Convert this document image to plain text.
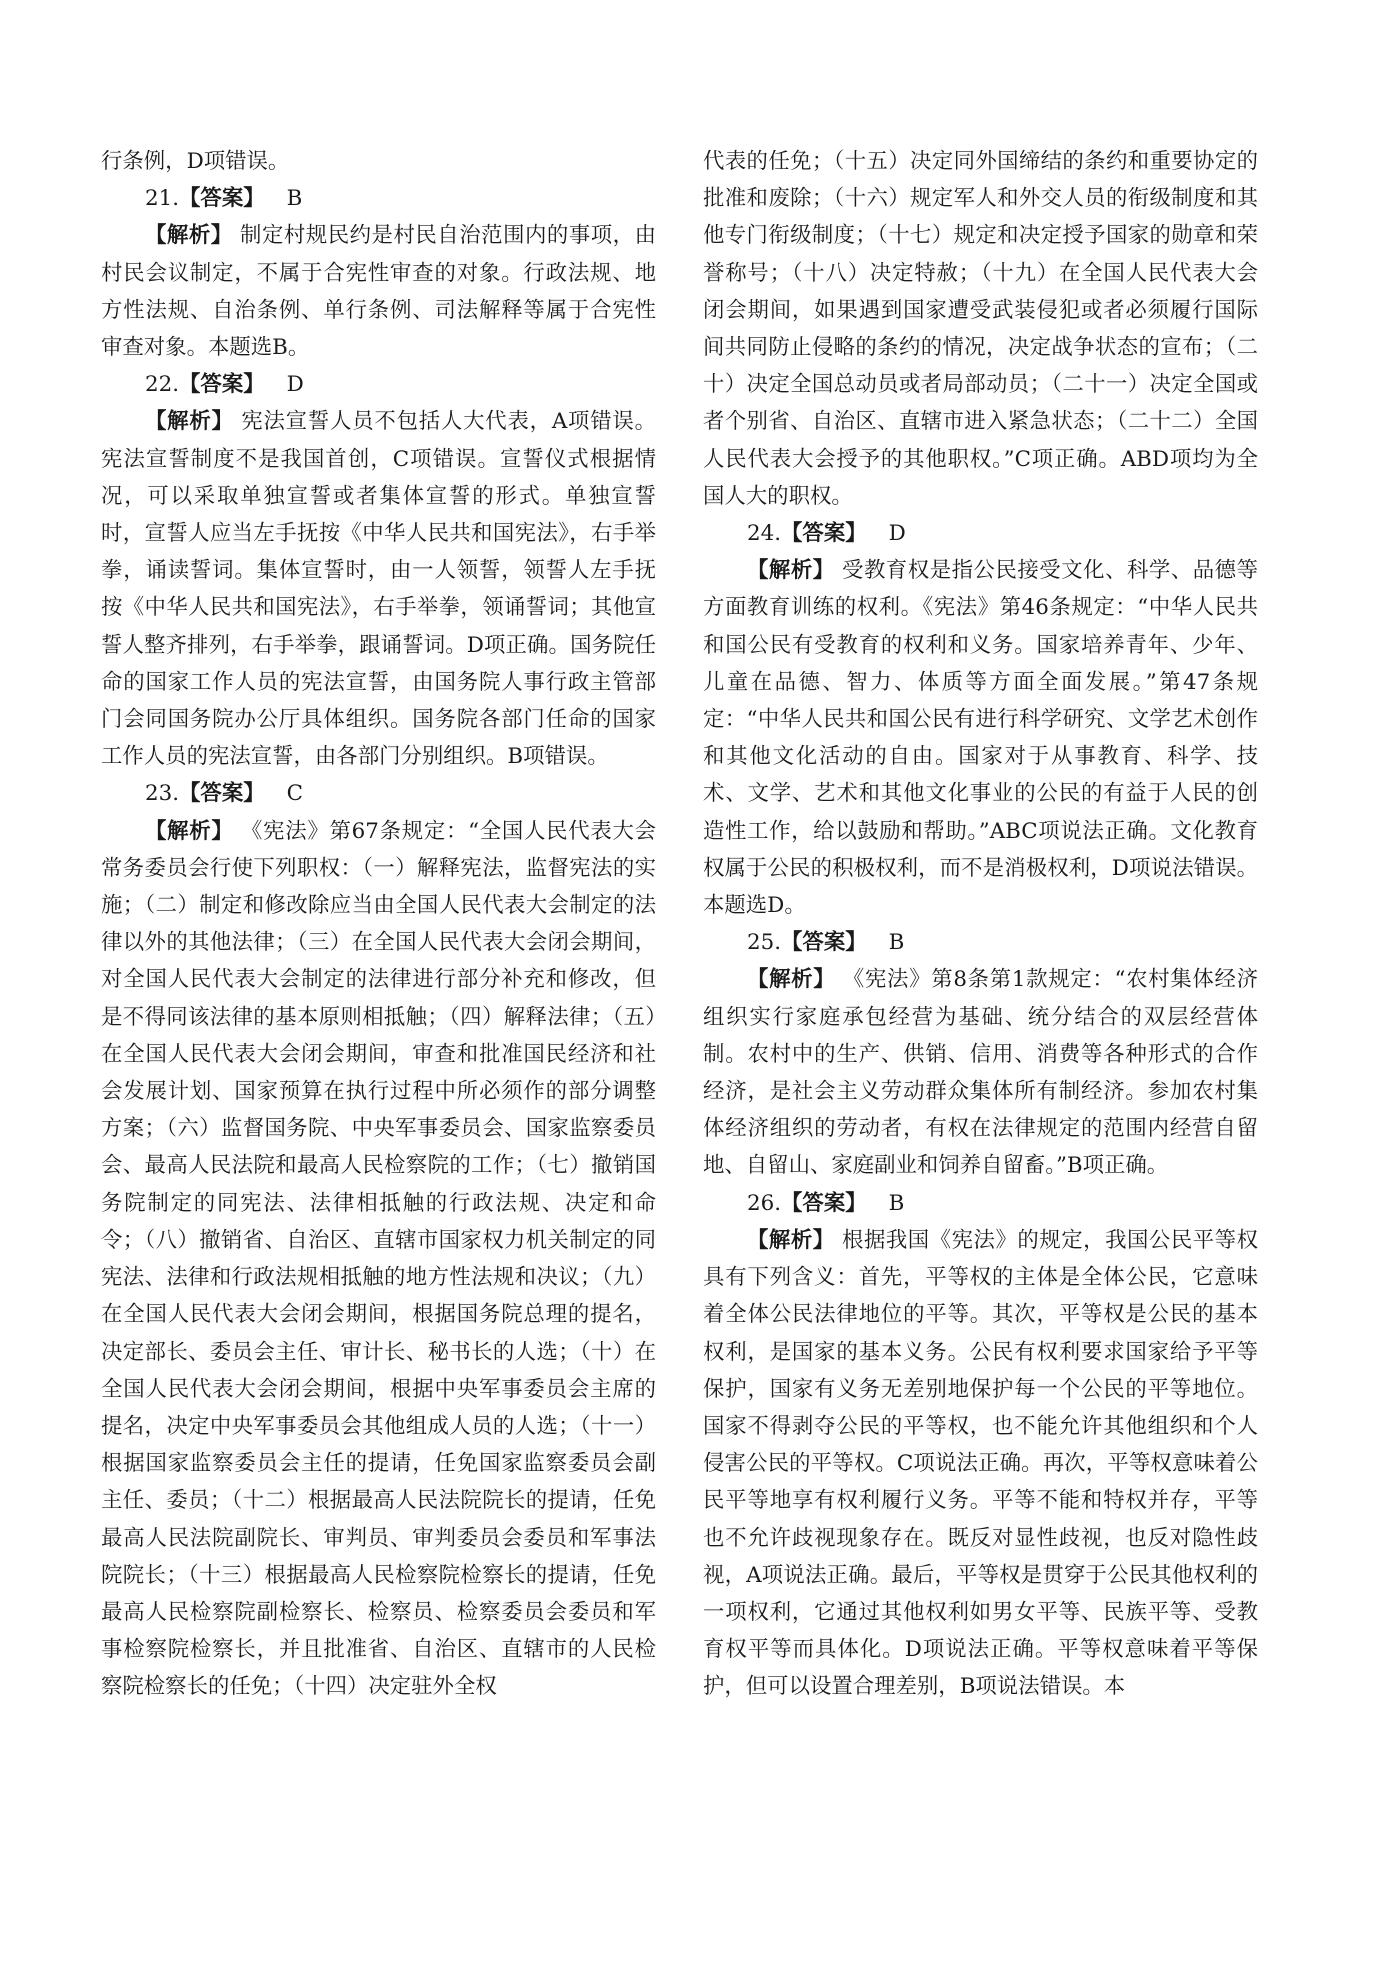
行条例，D项错误。

21.【答案】 B

【解析】 制定村规民约是村民自治范围内的事项，由村民会议制定，不属于合宪性审查的对象。行政法规、地方性法规、自治条例、单行条例、司法解释等属于合宪性审查对象。本题选B。

22.【答案】 D

【解析】 宪法宣誓人员不包括人大代表，A项错误。宪法宣誓制度不是我国首创，C项错误。宣誓仪式根据情况，可以采取单独宣誓或者集体宣誓的形式。单独宣誓时，宣誓人应当左手抚按《中华人民共和国宪法》，右手举拳，诵读誓词。集体宣誓时，由一人领誓，领誓人左手抚按《中华人民共和国宪法》，右手举拳，领诵誓词；其他宣誓人整齐排列，右手举拳，跟诵誓词。D项正确。国务院任命的国家工作人员的宪法宣誓，由国务院人事行政主管部门会同国务院办公厅具体组织。国务院各部门任命的国家工作人员的宪法宣誓，由各部门分别组织。B项错误。

23.【答案】 C

【解析】 《宪法》第67条规定：“全国人民代表大会常务委员会行使下列职权：（一）解释宪法，监督宪法的实施；（二）制定和修改除应当由全国人民代表大会制定的法律以外的其他法律；（三）在全国人民代表大会闭会期间，对全国人民代表大会制定的法律进行部分补充和修改，但是不得同该法律的基本原则相抵触；（四）解释法律；（五）在全国人民代表大会闭会期间，审查和批准国民经济和社会发展计划、国家预算在执行过程中所必须作的部分调整方案；（六）监督国务院、中央军事委员会、国家监察委员会、最高人民法院和最高人民检察院的工作；（七）撤销国务院制定的同宪法、法律相抵触的行政法规、决定和命令；（八）撤销省、自治区、直辖市国家权力机关制定的同宪法、法律和行政法规相抵触的地方性法规和决议；（九）在全国人民代表大会闭会期间，根据国务院总理的提名，决定部长、委员会主任、审计长、秘书长的人选；（十）在全国人民代表大会闭会期间，根据中央军事委员会主席的提名，决定中央军事委员会其他组成人员的人选；（十一）根据国家监察委员会主任的提请，任免国家监察委员会副主任、委员；（十二）根据最高人民法院院长的提请，任免最高人民法院副院长、审判员、审判委员会委员和军事法院院长；（十三）根据最高人民检察院检察长的提请，任免最高人民检察院副检察长、检察员、检察委员会委员和军事检察院检察长，并且批准省、自治区、直辖市的人民检察院检察长的任免；（十四）决定驻外全权

代表的任免；（十五）决定同外国缔结的条约和重要协定的批准和废除；（十六）规定军人和外交人员的衔级制度和其他专门衔级制度；（十七）规定和决定授予国家的勋章和荣誉称号；（十八）决定特赦；（十九）在全国人民代表大会闭会期间，如果遇到国家遭受武装侵犯或者必须履行国际间共同防止侵略的条约的情况，决定战争状态的宣布；（二十）决定全国总动员或者局部动员；（二十一）决定全国或者个别省、自治区、直辖市进入紧急状态；（二十二）全国人民代表大会授予的其他职权。”C项正确。ABD项均为全国人大的职权。

24.【答案】 D

【解析】 受教育权是指公民接受文化、科学、品德等方面教育训练的权利。《宪法》第46条规定：“中华人民共和国公民有受教育的权利和义务。国家培养青年、少年、儿童在品德、智力、体质等方面全面发展。”第47条规定：“中华人民共和国公民有进行科学研究、文学艺术创作和其他文化活动的自由。国家对于从事教育、科学、技术、文学、艺术和其他文化事业的公民的有益于人民的创造性工作，给以鼓励和帮助。”ABC项说法正确。文化教育权属于公民的积极权利，而不是消极权利，D项说法错误。本题选D。

25.【答案】 B

【解析】 《宪法》第8条第1款规定：“农村集体经济组织实行家庭承包经营为基础、统分结合的双层经营体制。农村中的生产、供销、信用、消费等各种形式的合作经济，是社会主义劳动群众集体所有制经济。参加农村集体经济组织的劳动者，有权在法律规定的范围内经营自留地、自留山、家庭副业和饲养自留畜。”B项正确。

26.【答案】 B

【解析】 根据我国《宪法》的规定，我国公民平等权具有下列含义：首先，平等权的主体是全体公民，它意味着全体公民法律地位的平等。其次，平等权是公民的基本权利，是国家的基本义务。公民有权利要求国家给予平等保护，国家有义务无差别地保护每一个公民的平等地位。国家不得剥夺公民的平等权，也不能允许其他组织和个人侵害公民的平等权。C项说法正确。再次，平等权意味着公民平等地享有权利履行义务。平等不能和特权并存，平等也不允许歧视现象存在。既反对显性歧视，也反对隐性歧视，A项说法正确。最后，平等权是贯穿于公民其他权利的一项权利，它通过其他权利如男女平等、民族平等、受教育权平等而具体化。D项说法正确。平等权意味着平等保护，但可以设置合理差别，B项说法错误。本
